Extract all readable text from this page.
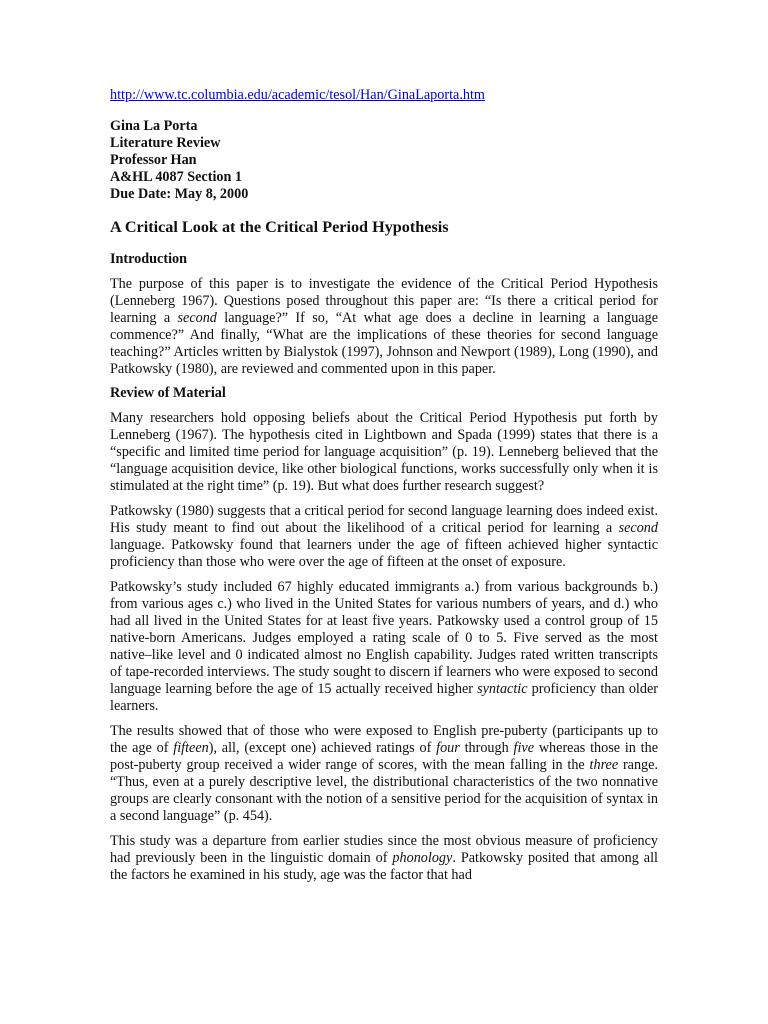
http://www.tc.columbia.edu/academic/tesol/Han/GinaLaporta.htm
Gina La Porta
Literature Review
Professor Han
A&HL 4087 Section 1
Due Date: May 8, 2000
A Critical Look at the Critical Period Hypothesis
Introduction

The purpose of this paper is to investigate the evidence of the Critical Period Hypothesis (Lenneberg 1967). Questions posed throughout this paper are: “Is there a critical period for learning a second language?” If so, “At what age does a decline in learning a language commence?” And finally, “What are the implications of these theories for second language teaching?” Articles written by Bialystok (1997), Johnson and Newport (1989), Long (1990), and Patkowsky (1980), are reviewed and commented upon in this paper.

Review of Material

Many researchers hold opposing beliefs about the Critical Period Hypothesis put forth by Lenneberg (1967). The hypothesis cited in Lightbown and Spada (1999) states that there is a “specific and limited time period for language acquisition” (p. 19). Lenneberg believed that the “language acquisition device, like other biological functions, works successfully only when it is stimulated at the right time” (p. 19). But what does further research suggest?

Patkowsky (1980) suggests that a critical period for second language learning does indeed exist. His study meant to find out about the likelihood of a critical period for learning a second language. Patkowsky found that learners under the age of fifteen achieved higher syntactic proficiency than those who were over the age of fifteen at the onset of exposure.

Patkowsky’s study included 67 highly educated immigrants a.) from various backgrounds b.) from various ages c.) who lived in the United States for various numbers of years, and d.) who had all lived in the United States for at least five years. Patkowsky used a control group of 15 native-born Americans. Judges employed a rating scale of 0 to 5. Five served as the most native–like level and 0 indicated almost no English capability. Judges rated written transcripts of tape-recorded interviews. The study sought to discern if learners who were exposed to second language learning before the age of 15 actually received higher syntactic proficiency than older learners.

The results showed that of those who were exposed to English pre-puberty (participants up to the age of fifteen), all, (except one) achieved ratings of four through five whereas those in the post-puberty group received a wider range of scores, with the mean falling in the three range. “Thus, even at a purely descriptive level, the distributional characteristics of the two nonnative groups are clearly consonant with the notion of a sensitive period for the acquisition of syntax in a second language” (p. 454).

This study was a departure from earlier studies since the most obvious measure of proficiency had previously been in the linguistic domain of phonology. Patkowsky posited that among all the factors he examined in his study, age was the factor that had
